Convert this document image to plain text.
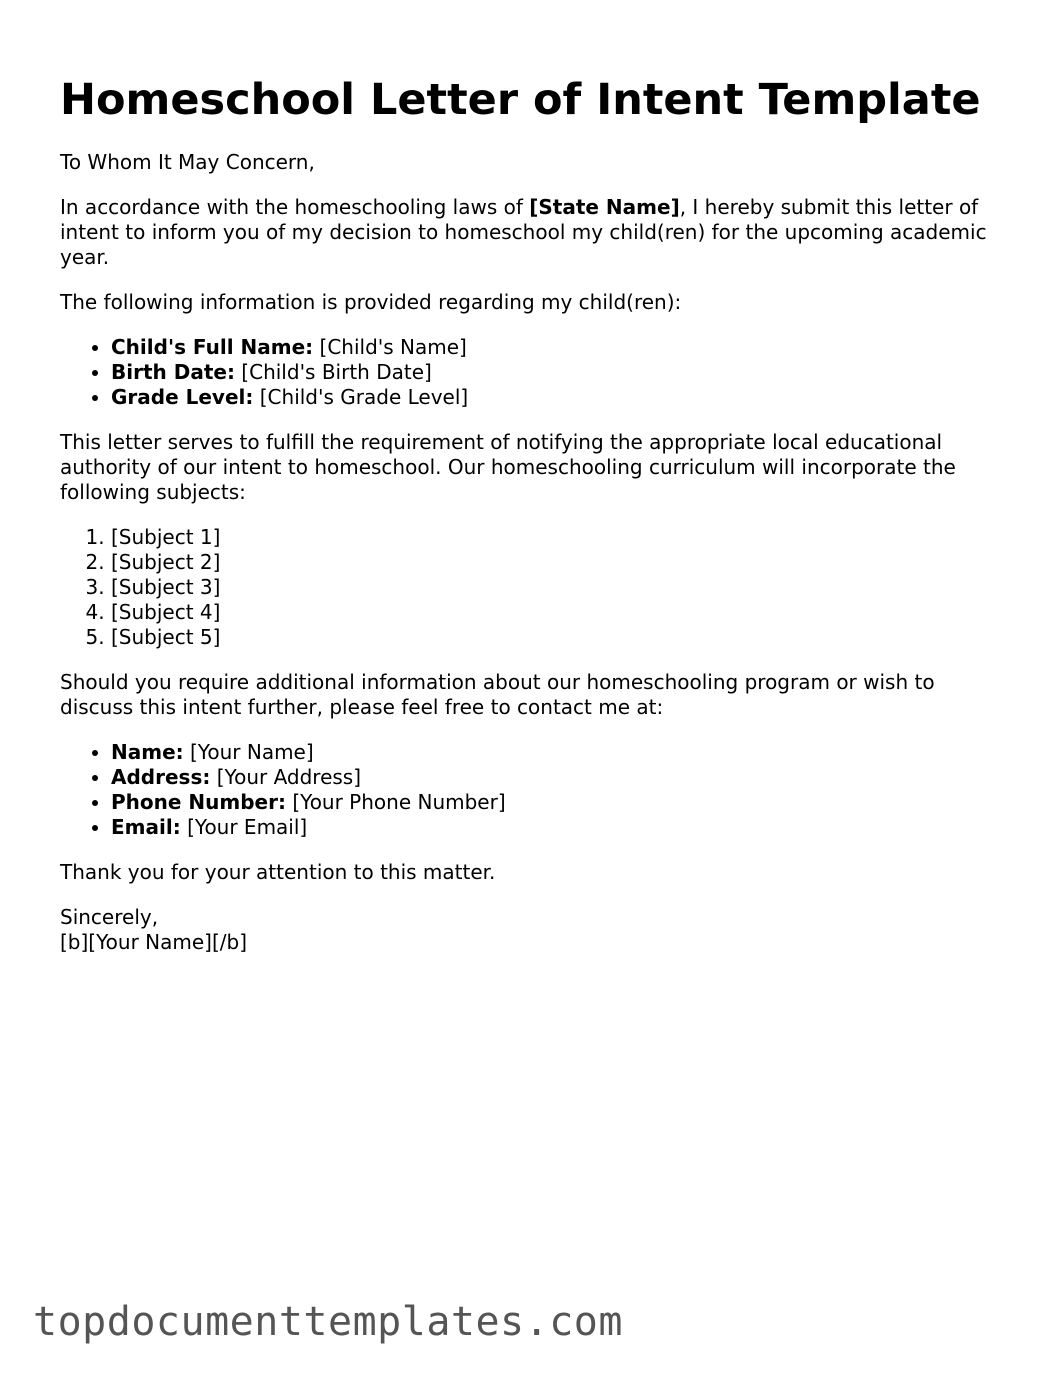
Homeschool Letter of Intent Template

To Whom It May Concern,

In accordance with the homeschooling laws of [State Name], I hereby submit this letter of intent to inform you of my decision to homeschool my child(ren) for the upcoming academic year.

The following information is provided regarding my child(ren):

• Child's Full Name: [Child's Name]
• Birth Date: [Child's Birth Date]
• Grade Level: [Child's Grade Level]

This letter serves to fulfill the requirement of notifying the appropriate local educational authority of our intent to homeschool. Our homeschooling curriculum will incorporate the following subjects:

1. [Subject 1]
2. [Subject 2]
3. [Subject 3]
4. [Subject 4]
5. [Subject 5]

Should you require additional information about our homeschooling program or wish to discuss this intent further, please feel free to contact me at:

• Name: [Your Name]
• Address: [Your Address]
• Phone Number: [Your Phone Number]
• Email: [Your Email]

Thank you for your attention to this matter.

Sincerely,

[b][Your Name][/b]

topdocumenttemplates.com
